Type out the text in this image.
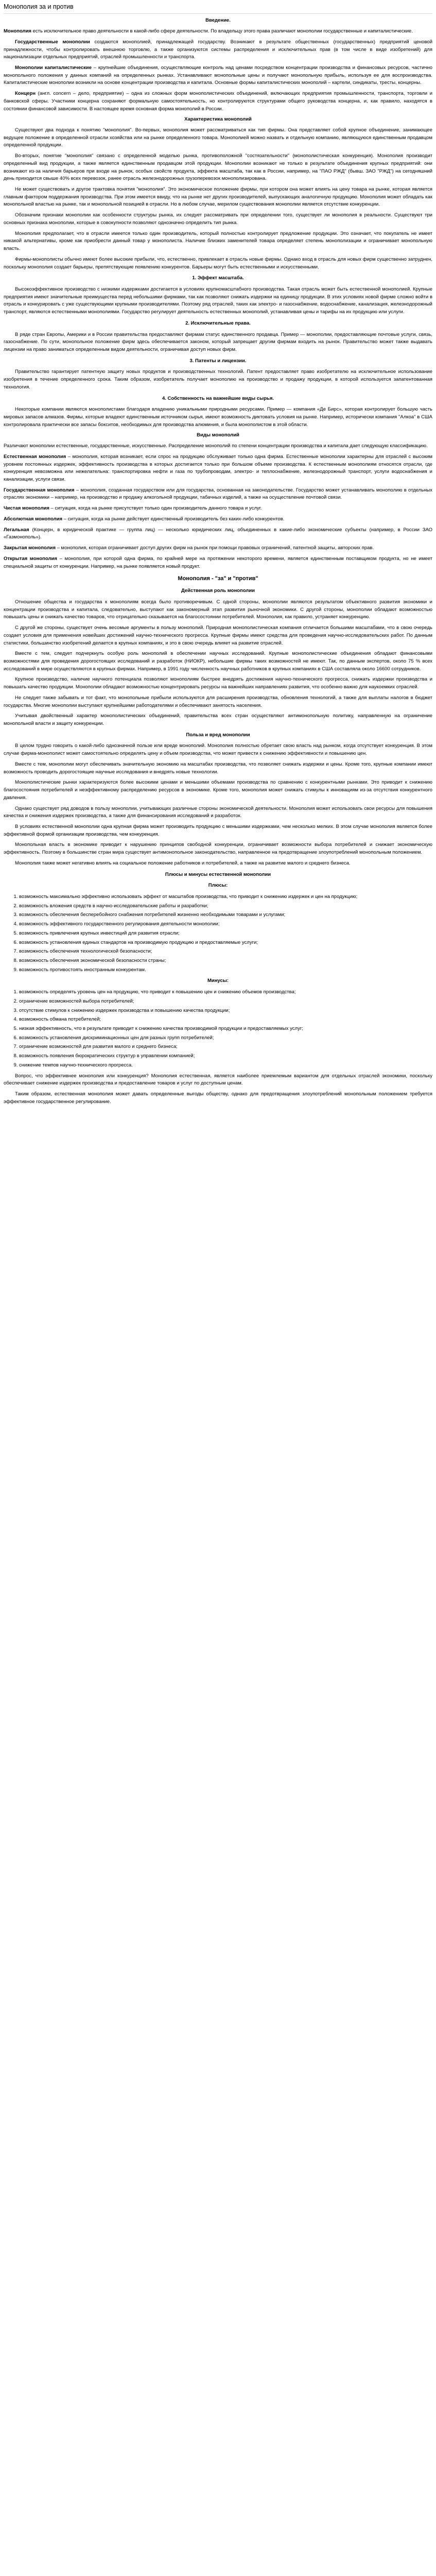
Монополия за и против
Введение.

Монополия есть исключительное право деятельности в какой-либо сфере деятельности. По владельцу этого права различают монополии государственные и капиталистические.

Государственные монополии создаются монополией, принадлежащей государству. Возникают в результате общественных (государственных) предприятий ценовой принадлежности, чтобы контролировать внешнюю торговлю, а также организуются системы распределения и исключительных прав (в том числе в виде изобретений) для национализации отдельных предприятий, отраслей промышленности и транспорта.

Монополии капиталистические – крупнейшие объединения, осуществляющие контроль над ценами посредством концентрации производства и финансовых ресурсов, частично монопольного положения у данных компаний на определенных рынках. Устанавливают монопольные цены и получают монопольную прибыль, используя ее для воспроизводства. Капиталистические монополии возникли на основе концентрации производства и капитала. Основные формы капиталистических монополий – картели, синдикаты, тресты, концерны.

Концерн (англ. concern – дело, предприятие) – одна из сложных форм монополистических объединений, включающих предприятия промышленности, транспорта, торговли и банковской сферы. Участники концерна сохраняют формальную самостоятельность, но контролируются структурами общего руководства концерна, и, как правило, находятся в состоянии финансовой зависимости. В настоящее время основная форма монополий в России.

Характеристика монополий

Существуют два подхода к понятию "монополия". Во-первых, монополия может рассматриваться как тип фирмы. Она представляет собой крупное объединение, занимающее ведущее положение в определенной отрасли хозяйства или на рынке определенного товара. Монополией можно назвать и отдельную компанию, являющуюся единственным продавцом определенной продукции.

Во-вторых, понятие "монополия" связано с определенной моделью рынка, противоположной "состязательности" (монополистическая конкуренция). Монополия производит определенный вид продукции, а также является единственным продавцом этой продукции. Монополии возникают не только в результате объединения крупных предприятий: они возникают из-за наличия барьеров при входе на рынок, особых свойств продукта, эффекта масштаба, так как в России, например, на "ПАО РЖД" (бывш. ЗАО "РЖД") на сегодняшний день приходится свыше 40% всех перевозок, ранее отрасль железнодорожных грузоперевозок монополизирована.

Не может существовать и другое трактовка понятия "монополия". Это экономическое положение фирмы, при котором она может влиять на цену товара на рынке, которая является главным фактором поддержания производства. При этом имеется ввиду, что на рынке нет других производителей, выпускающих аналогичную продукцию. Монополия может обладать как монопольной властью на рынке, так и монопольной позицией в отрасли. Но в любом случае, мерилом существования монополии является отсутствие конкуренции.

Обозначим признаки монополии как особенности структуры рынка, их следует рассматривать при определении того, существует ли монополия в реальности. Существуют три основных признака монополии, которые в совокупности позволяют однозначно определить тип рынка.

Монополия предполагает, что в отрасли имеется только один производитель, который полностью контролирует предложение продукции. Это означает, что покупатель не имеет никакой альтернативы, кроме как приобрести данный товар у монополиста. Наличие близких заменителей товара определяет степень монополизации и ограничивает монопольную власть.

Фирмы-монополисты обычно имеют более высокие прибыли, что, естественно, привлекает в отрасль новые фирмы. Однако вход в отрасль для новых фирм существенно затруднен, поскольку монополия создает барьеры, препятствующие появлению конкурентов. Барьеры могут быть естественными и искусственными.

1. Эффект масштаба.

Высокоэффективное производство с низкими издержками достигается в условиях крупномасштабного производства. Такая отрасль может быть естественной монополией. Крупные предприятия имеют значительные преимущества перед небольшими фирмами, так как позволяют снижать издержки на единицу продукции. В этих условиях новой фирме сложно войти в отрасль и конкурировать с уже существующими крупными производителями. Поэтому ряд отраслей, таких как электро- и газоснабжение, водоснабжение, канализация, железнодорожный транспорт, являются естественными монополиями. Государство регулирует деятельность естественных монополий, устанавливая цены и тарифы на их продукцию или услуги.

2. Исключительные права.

В ряде стран Европы, Америки и в России правительства предоставляют фирмам статус единственного продавца. Пример — монополии, предоставляющие почтовые услуги, связь, газоснабжение. По сути, монопольное положение фирм здесь обеспечивается законом, который запрещает другим фирмам входить на рынок. Правительство может также выдавать лицензии на право заниматься определенным видом деятельности, ограничивая доступ новых фирм.

3. Патенты и лицензии.

Правительство гарантирует патентную защиту новых продуктов и производственных технологий. Патент предоставляет право изобретателю на исключительное использование изобретения в течение определенного срока. Таким образом, изобретатель получает монополию на производство и продажу продукции, в которой используется запатентованная технология.

4. Собственность на важнейшие виды сырья.

Некоторые компании являются монополистами благодаря владению уникальными природными ресурсами. Пример — компания «Де Бирс», которая контролирует большую часть мировых запасов алмазов. Фирмы, которые владеют единственным источником сырья, имеют возможность диктовать условия на рынке. Например, исторически компания "Алкоа" в США контролировала практически все запасы бокситов, необходимых для производства алюминия, и была монополистом в этой области.

Виды монополий

Различают монополии естественные, государственные, искусственные. Распределение монополий по степени концентрации производства и капитала дает следующую классификацию.

Естественная монополия – монополия, которая возникает, если спрос на продукцию обслуживает только одна фирма. Естественные монополии характерны для отраслей с высоким уровнем постоянных издержек, эффективность производства в которых достигается только при большом объеме производства. К естественным монополиям относятся отрасли, где конкуренция невозможна или нежелательна: транспортировка нефти и газа по трубопроводам, электро- и теплоснабжение, железнодорожный транспорт, услуги водоснабжения и канализации, услуги связи.

Государственная монополия – монополия, созданная государством или для государства, основанная на законодательстве. Государство может устанавливать монополию в отдельных отраслях экономики – например, на производство и продажу алкогольной продукции, табачных изделий, а также на осуществление почтовой связи.

Чистая монополия – ситуация, когда на рынке присутствует только один производитель данного товара и услуг.

Абсолютная монополия – ситуация, когда на рынке действует единственный производитель без каких-либо конкурентов.

Легальная (Концерн, в юридической практике — группа лиц) — несколько юридических лиц, объединенных в какие-либо экономические субъекты (например, в России ЗАО «Газмонополь»).

Закрытая монополия – монополия, которая ограничивает доступ других фирм на рынок при помощи правовых ограничений, патентной защиты, авторских прав.

Открытая монополия – монополия, при которой одна фирма, по крайней мере на протяжении некоторого времени, является единственным поставщиком продукта, но не имеет специальной защиты от конкуренции. Например, на рынке появляется новый продукт.

Монополия - "за" и "против"
Действенная роль монополии

Отношение общества и государства к монополиям всегда было противоречивым. С одной стороны, монополии являются результатом объективного развития экономики и концентрации производства и капитала, следовательно, выступают как закономерный этап развития рыночной экономики. С другой стороны, монополии обладают возможностью повышать цены и снижать качество товаров, что отрицательно сказывается на благосостоянии потребителей. Монополия, как правило, устраняет конкуренцию.

С другой же стороны, существует очень весомые аргументы в пользу монополий. Природная монополистическая компания отличается большими масштабами, что в свою очередь создает условия для применения новейших достижений научно-технического прогресса. Крупные фирмы имеют средства для проведения научно-исследовательских работ. По данным статистики, большинство изобретений делается в крупных компаниях, и это в свою очередь влияет на развитие отраслей.

Вместе с тем, следует подчеркнуть особую роль монополий в обеспечении научных исследований. Крупные монополистические объединения обладают финансовыми возможностями для проведения дорогостоящих исследований и разработок (НИОКР), небольшие фирмы таких возможностей не имеют. Так, по данным экспертов, около 75 % всех исследований в мире осуществляются в крупных фирмах. Например, в 1991 году численность научных работников в крупных компаниях в США составляла около 16600 сотрудников.

Крупное производство, наличие научного потенциала позволяют монополиям быстрее внедрять достижения научно-технического прогресса, снижать издержки производства и повышать качество продукции. Монополии обладают возможностью концентрировать ресурсы на важнейших направлениях развития, что особенно важно для наукоемких отраслей.

Не следует также забывать и тот факт, что монопольные прибыли используются для расширения производства, обновления технологий, а также для выплаты налогов в бюджет государства. Многие монополии выступают крупнейшими работодателями и обеспечивают занятость населения.

Учитывая двойственный характер монополистических объединений, правительства всех стран осуществляют антимонопольную политику, направленную на ограничение монопольной власти и защиту конкуренции.

Польза и вред монополии

В целом трудно говорить о какой-либо однозначной пользе или вреде монополий. Монополия полностью обретает свою власть над рынком, когда отсутствует конкуренция. В этом случае фирма-монополист может самостоятельно определять цену и объем производства, что может привести к снижению эффективности и повышению цен.

Вместе с тем, монополии могут обеспечивать значительную экономию на масштабах производства, что позволяет снижать издержки и цены. Кроме того, крупные компании имеют возможность проводить дорогостоящие научные исследования и внедрять новые технологии.

Монополистические рынки характеризуются более высокими ценами и меньшими объемами производства по сравнению с конкурентными рынками. Это приводит к снижению благосостояния потребителей и неэффективному распределению ресурсов в экономике. Кроме того, монополия может снижать стимулы к инновациям из-за отсутствия конкурентного давления.

Однако существует ряд доводов в пользу монополии, учитывающих различные стороны экономической деятельности. Монополия может использовать свои ресурсы для повышения качества и снижения издержек производства, а также для финансирования исследований и разработок.

В условиях естественной монополии одна крупная фирма может производить продукцию с меньшими издержками, чем несколько мелких. В этом случае монополия является более эффективной формой организации производства, чем конкуренция.

Монопольная власть в экономике приводит к нарушению принципов свободной конкуренции, ограничивает возможности выбора потребителей и снижает экономическую эффективность. Поэтому в большинстве стран мира существует антимонопольное законодательство, направленное на предотвращение злоупотреблений монопольным положением.

Монополия также может негативно влиять на социальное положение работников и потребителей, а также на развитие малого и среднего бизнеса.

Плюсы и минусы естественной монополии
Плюсы:
1. возможность максимально эффективно использовать эффект от масштабов производства, что приводит к снижению издержек и цен на продукцию;
2. возможность вложения средств в научно-исследовательские работы и разработки;
3. возможность обеспечения бесперебойного снабжения потребителей жизненно необходимыми товарами и услугами;
4. возможность эффективного государственного регулирования деятельности монополии;
5. возможность привлечения крупных инвестиций для развития отрасли;
6. возможность установления единых стандартов на производимую продукцию и предоставляемые услуги;
7. возможность обеспечения технологической безопасности;
8. возможность обеспечения экономической безопасности страны;
9. возможность противостоять иностранным конкурентам.
Минусы:
1. возможность определять уровень цен на продукцию, что приводит к повышению цен и снижению объемов производства;
2. ограничение возможностей выбора потребителей;
3. отсутствие стимулов к снижению издержек производства и повышению качества продукции;
4. возможность обмана потребителей;
5. низкая эффективность, что в результате приводит к снижению качества производимой продукции и предоставляемых услуг;
6. возможность установления дискриминационных цен для разных групп потребителей;
7. ограничение возможностей для развития малого и среднего бизнеса;
8. возможность появления бюрократических структур в управлении компанией;
9. снижение темпов научно-технического прогресса.

Вопрос, что эффективнее монополия или конкуренция? Монополия естественная, является наиболее приемлемым вариантом для отдельных отраслей экономики, поскольку обеспечивает снижение издержек производства и предоставление товаров и услуг по доступным ценам.

Таким образом, естественная монополия может давать определенные выгоды обществу, однако для предотвращения злоупотреблений монопольным положением требуется эффективное государственное регулирование.
